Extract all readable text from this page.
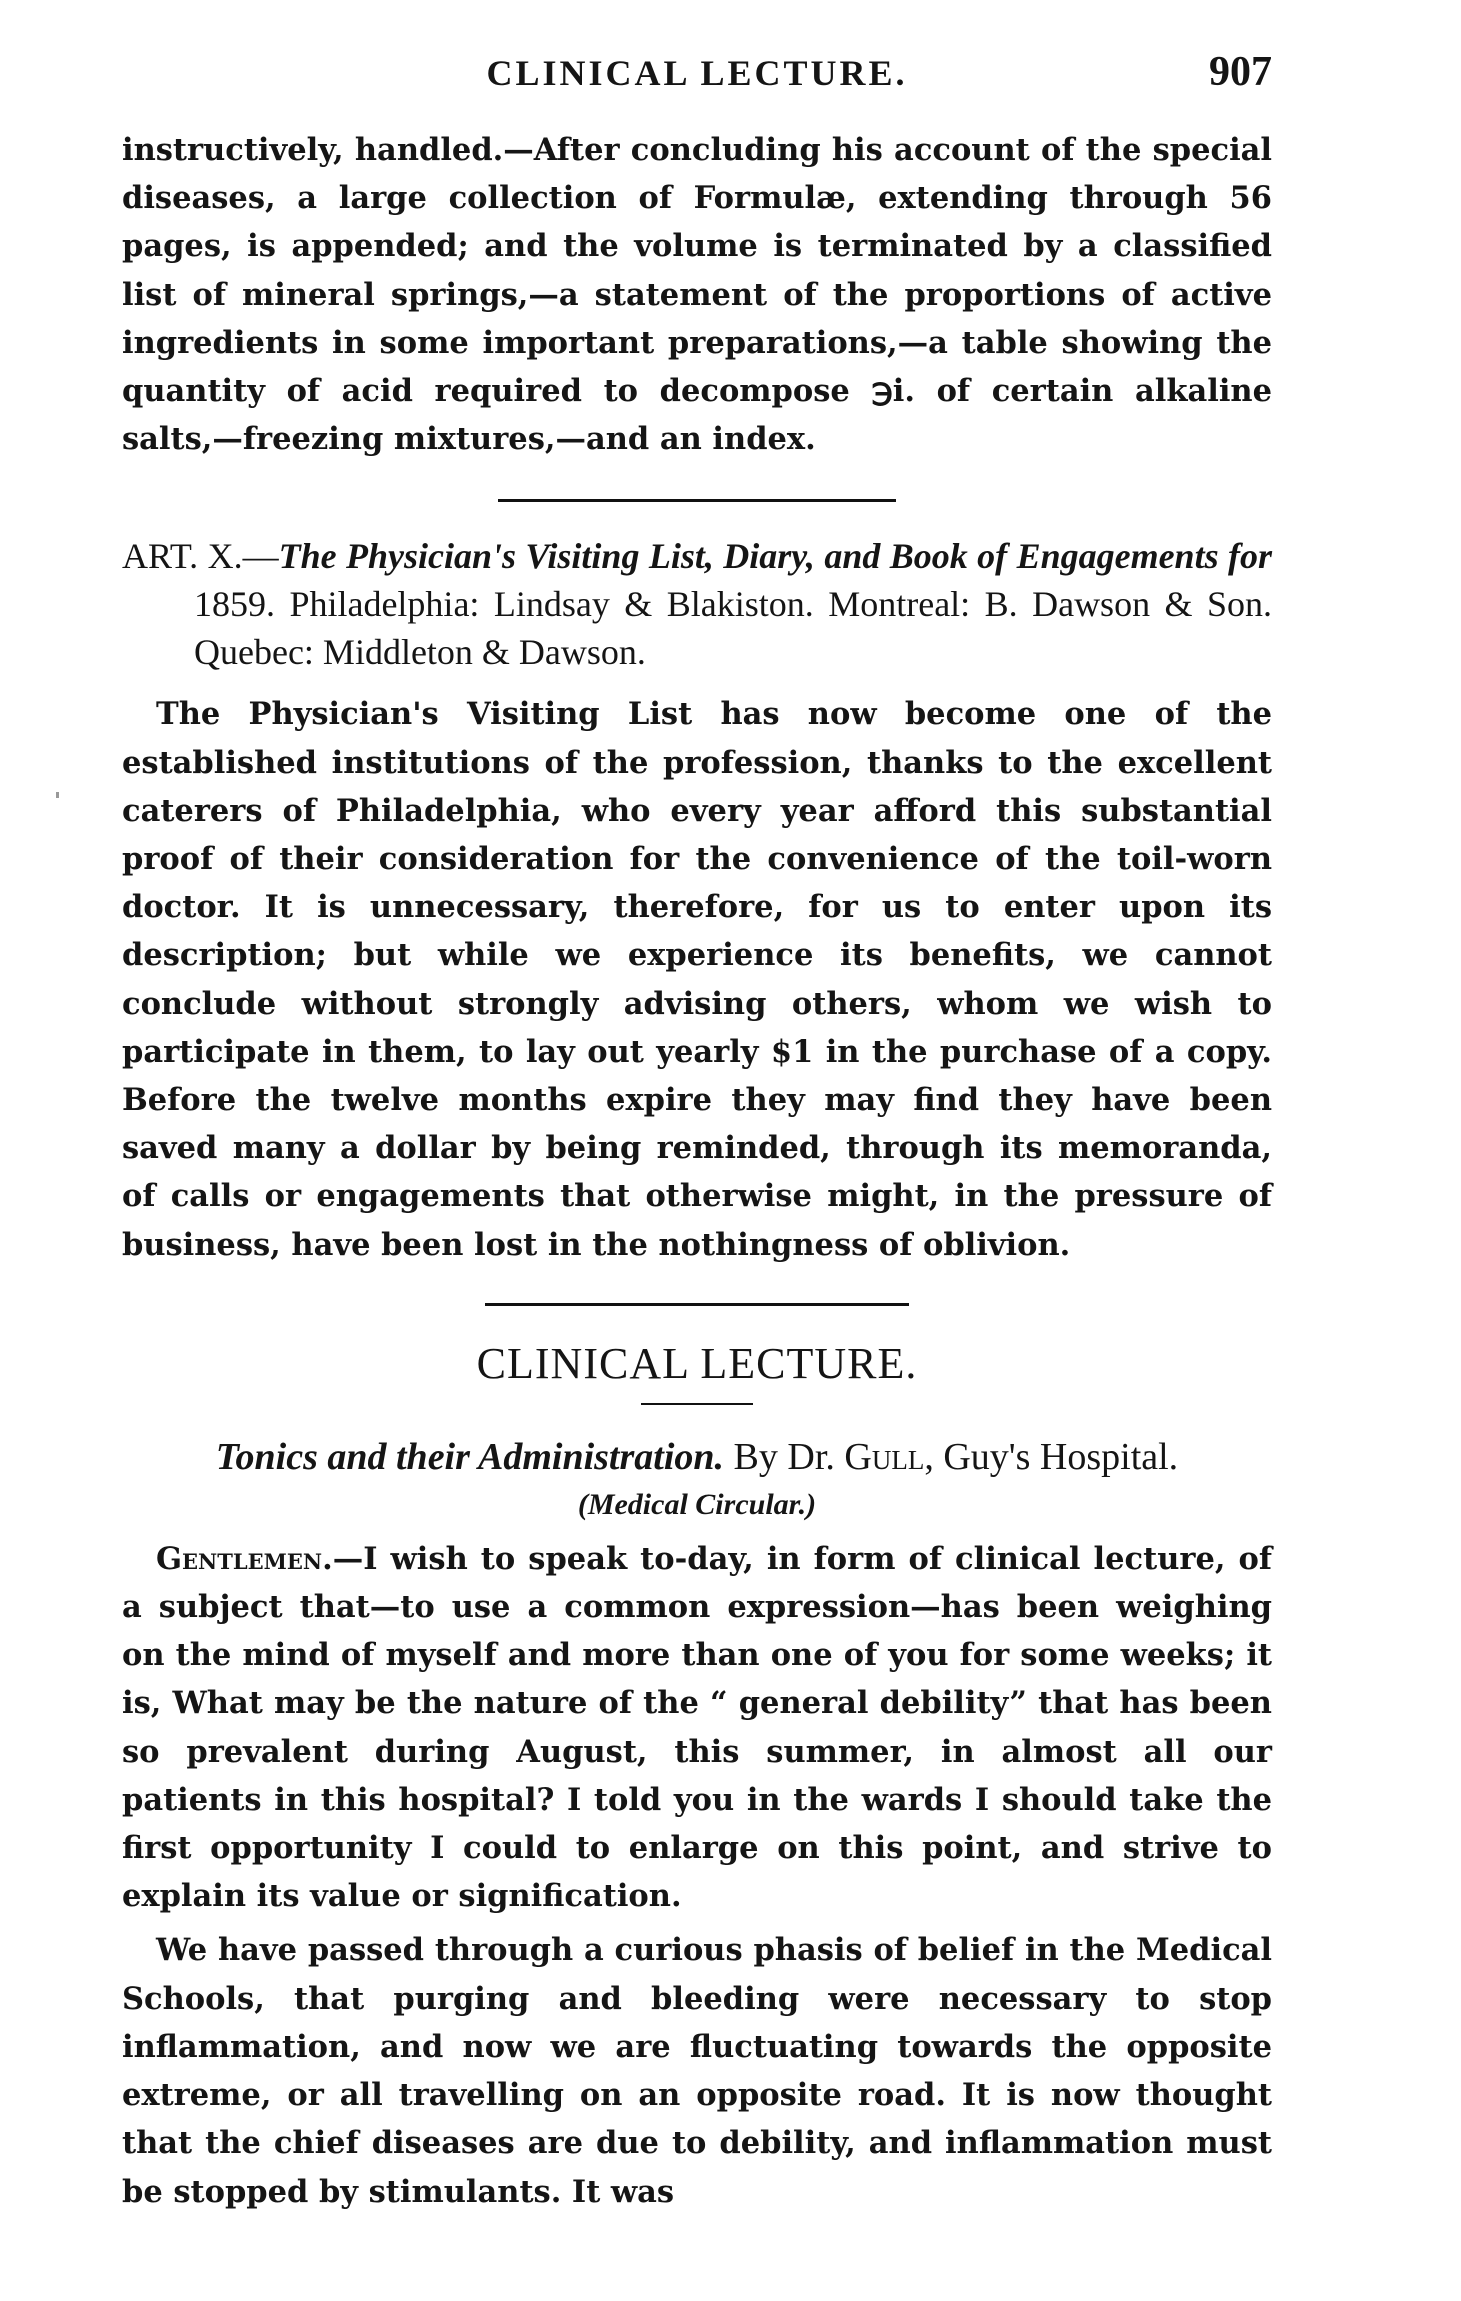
CLINICAL LECTURE.	907

instructively, handled.—After concluding his account of the special diseases, a large collection of Formulæ, extending through 56 pages, is appended; and the volume is terminated by a classified list of mineral springs,—a statement of the proportions of active ingredients in some important preparations,—a table showing the quantity of acid required to decompose ℈i. of certain alkaline salts,—freezing mixtures,—and an index.

ART. X.—The Physician's Visiting List, Diary, and Book of Engagements for 1859. Philadelphia: Lindsay & Blakiston. Montreal: B. Dawson & Son. Quebec: Middleton & Dawson.

The Physician's Visiting List has now become one of the established institutions of the profession, thanks to the excellent caterers of Philadelphia, who every year afford this substantial proof of their consideration for the convenience of the toil-worn doctor. It is unnecessary, therefore, for us to enter upon its description; but while we experience its benefits, we cannot conclude without strongly advising others, whom we wish to participate in them, to lay out yearly $1 in the purchase of a copy. Before the twelve months expire they may find they have been saved many a dollar by being reminded, through its memoranda, of calls or engagements that otherwise might, in the pressure of business, have been lost in the nothingness of oblivion.

CLINICAL LECTURE.
Tonics and their Administration. By Dr. Gull, Guy's Hospital.
(Medical Circular.)

Gentlemen.—I wish to speak to-day, in form of clinical lecture, of a subject that—to use a common expression—has been weighing on the mind of myself and more than one of you for some weeks; it is, What may be the nature of the “ general debility” that has been so prevalent during August, this summer, in almost all our patients in this hospital? I told you in the wards I should take the first opportunity I could to enlarge on this point, and strive to explain its value or signification.

We have passed through a curious phasis of belief in the Medical Schools, that purging and bleeding were necessary to stop inflammation, and now we are fluctuating towards the opposite extreme, or all travelling on an opposite road. It is now thought that the chief diseases are due to debility, and inflammation must be stopped by stimulants. It was
